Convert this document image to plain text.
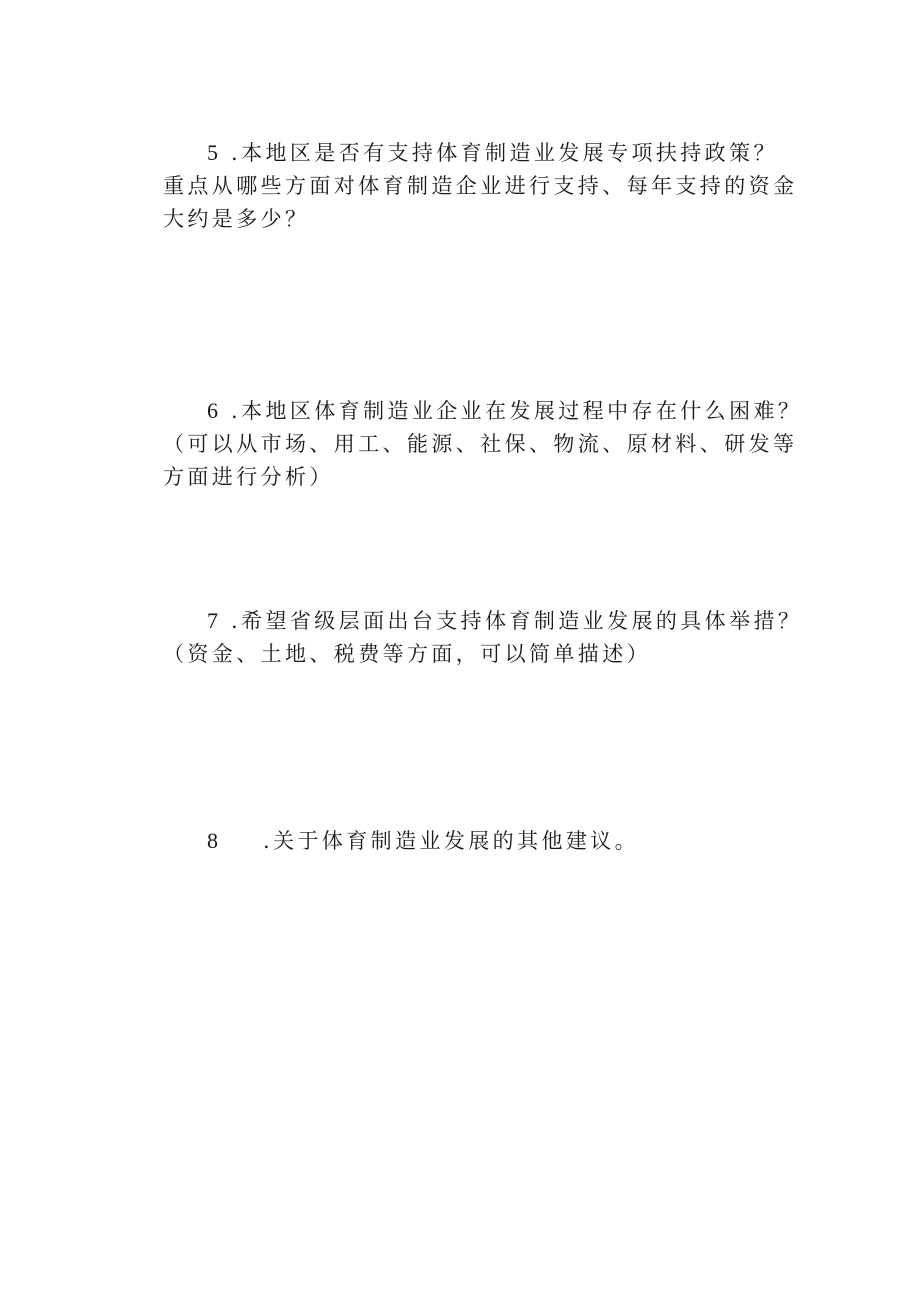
5 .本地区是否有支持体育制造业发展专项扶持政策？
重点从哪些方面对体育制造企业进行支持、每年支持的资金
大约是多少？
6 .本地区体育制造业企业在发展过程中存在什么困难？
（可以从市场、用工、能源、社保、物流、原材料、研发等
方面进行分析）
7 .希望省级层面出台支持体育制造业发展的具体举措？
（资金、土地、税费等方面，可以简单描述）
8 .关于体育制造业发展的其他建议。
